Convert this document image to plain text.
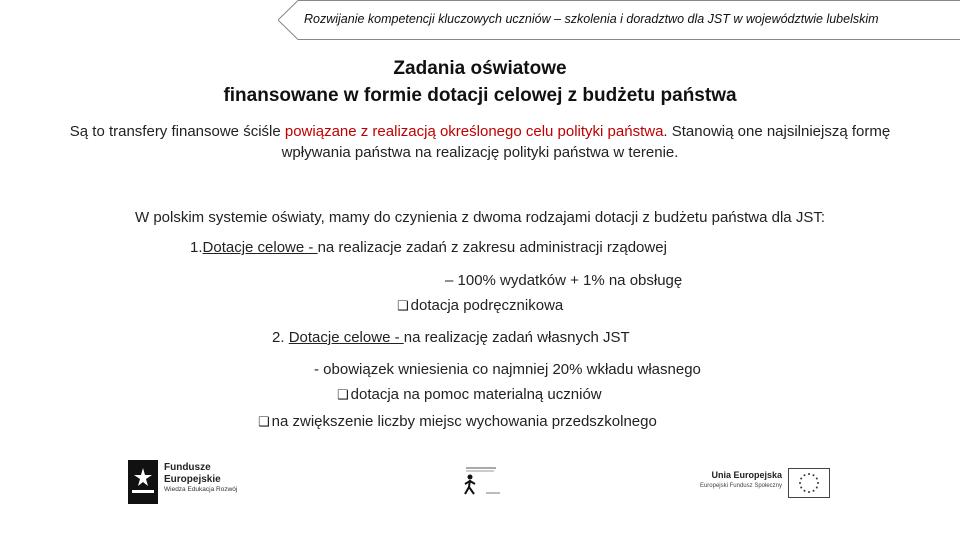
Rozwijanie kompetencji kluczowych uczniów – szkolenia i doradztwo dla JST w województwie lubelskim
Zadania oświatowe
finansowane w formie dotacji celowej z budżetu państwa
Są to transfery finansowe ściśle powiązane z realizacją określonego celu polityki państwa. Stanowią one najsilniejszą formę wpływania państwa na realizację polityki państwa w terenie.
W polskim systemie oświaty, mamy do czynienia z dwoma rodzajami dotacji z budżetu państwa dla JST:
1.Dotacje celowe - na realizacje zadań z zakresu administracji rządowej
– 100% wydatków + 1% na obsługę
❑ dotacja podręcznikowa
2. Dotacje celowe - na realizację zadań własnych JST
- obowiązek wniesienia co najmniej 20% wkładu własnego
❑ dotacja na pomoc materialną uczniów
❑ na zwiększenie liczby miejsc wychowania przedszkolnego
Fundusze
Europejskie
Wiedza Edukacja Rozwój
Unia Europejska
Europejski Fundusz Społeczny
